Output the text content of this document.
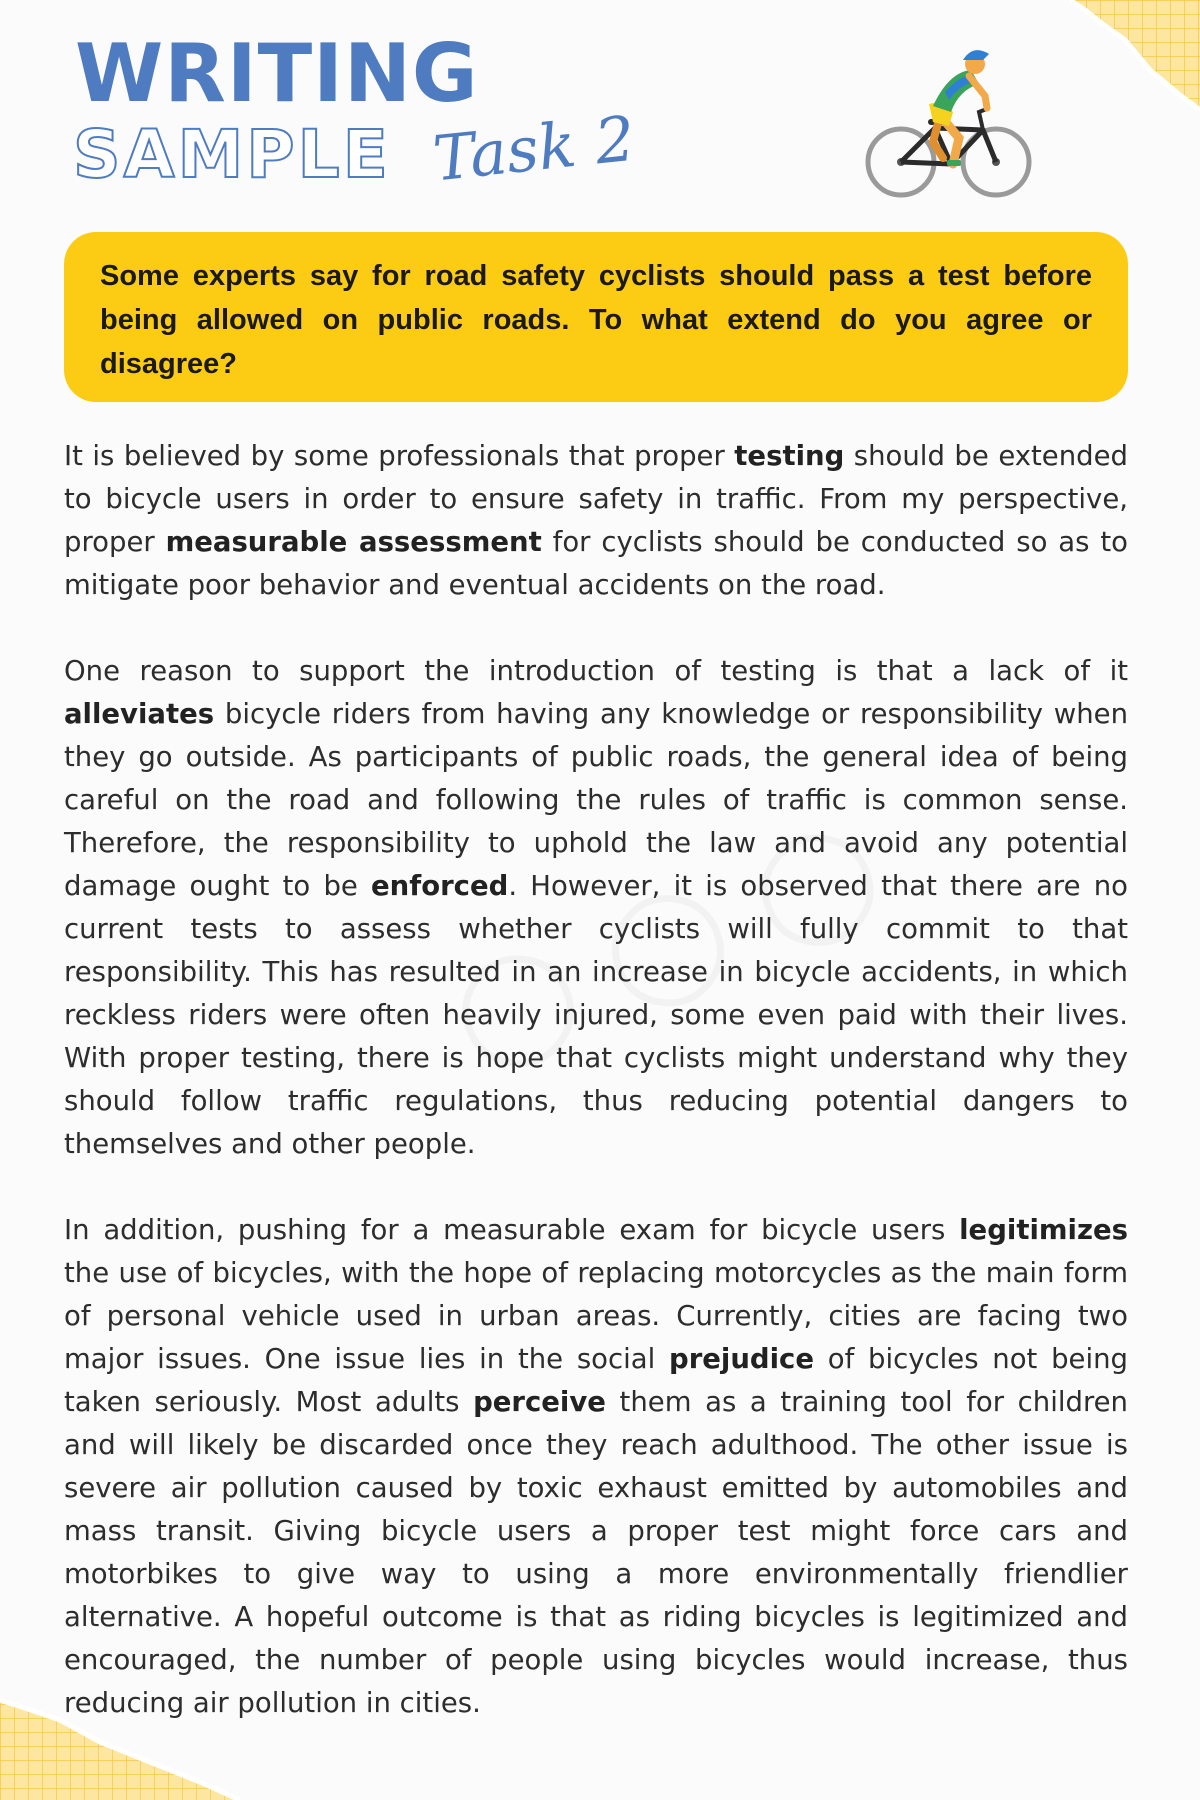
WRITING
SAMPLE Task 2

Some experts say for road safety cyclists should pass a test before being allowed on public roads. To what extend do you agree or disagree?

It is believed by some professionals that proper testing should be extended to bicycle users in order to ensure safety in traffic. From my perspective, proper measurable assessment for cyclists should be conducted so as to mitigate poor behavior and eventual accidents on the road.

One reason to support the introduction of testing is that a lack of it alleviates bicycle riders from having any knowledge or responsibility when they go outside. As participants of public roads, the general idea of being careful on the road and following the rules of traffic is common sense. Therefore, the responsibility to uphold the law and avoid any potential damage ought to be enforced. However, it is observed that there are no current tests to assess whether cyclists will fully commit to that responsibility. This has resulted in an increase in bicycle accidents, in which reckless riders were often heavily injured, some even paid with their lives. With proper testing, there is hope that cyclists might understand why they should follow traffic regulations, thus reducing potential dangers to themselves and other people.

In addition, pushing for a measurable exam for bicycle users legitimizes the use of bicycles, with the hope of replacing motorcycles as the main form of personal vehicle used in urban areas. Currently, cities are facing two major issues. One issue lies in the social prejudice of bicycles not being taken seriously. Most adults perceive them as a training tool for children and will likely be discarded once they reach adulthood. The other issue is severe air pollution caused by toxic exhaust emitted by automobiles and mass transit. Giving bicycle users a proper test might force cars and motorbikes to give way to using a more environmentally friendlier alternative. A hopeful outcome is that as riding bicycles is legitimized and encouraged, the number of people using bicycles would increase, thus reducing air pollution in cities.
